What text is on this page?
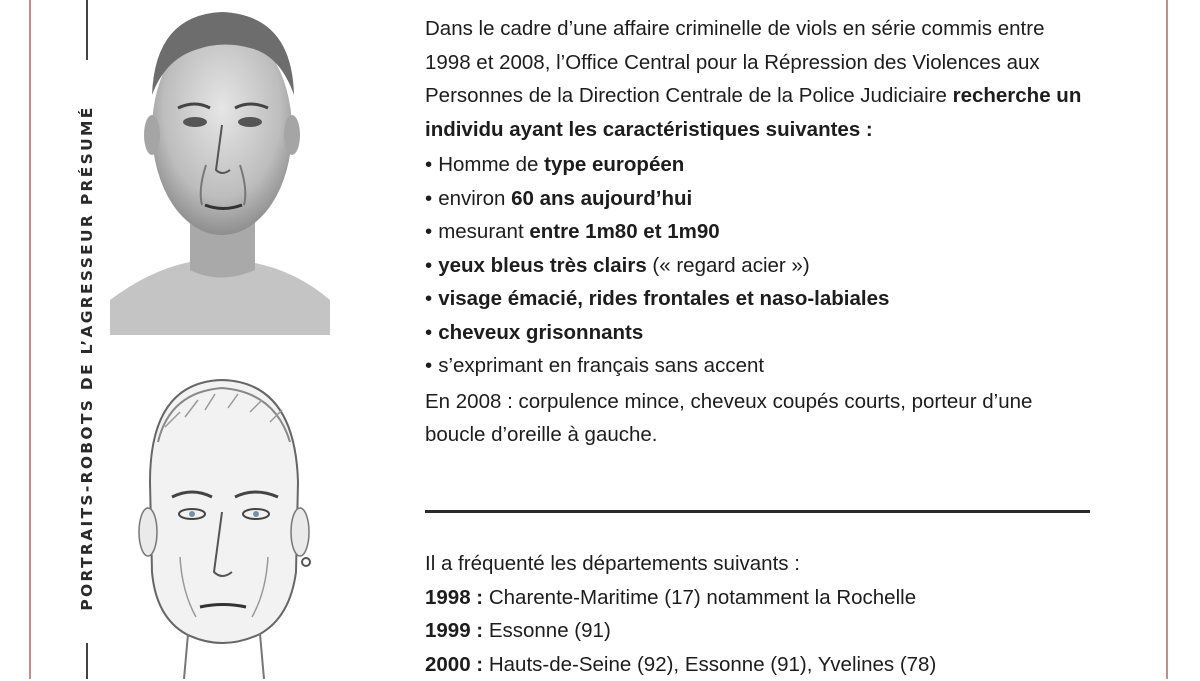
PORTRAITS-ROBOTS DE L’AGRESSEUR PRÉSUMÉ

Dans le cadre d’une affaire criminelle de viols en série commis entre 1998 et 2008, l’Office Central pour la Répression des Violences aux Personnes de la Direction Centrale de la Police Judiciaire recherche un individu ayant les caractéristiques suivantes :

• Homme de type européen
• environ 60 ans aujourd’hui
• mesurant entre 1m80 et 1m90
• yeux bleus très clairs (« regard acier »)
• visage émacié, rides frontales et naso-labiales
• cheveux grisonnants
• s’exprimant en français sans accent

En 2008 : corpulence mince, cheveux coupés courts, porteur d’une boucle d’oreille à gauche.

Il a fréquenté les départements suivants :

1998 : Charente-Maritime (17) notamment la Rochelle

1999 : Essonne (91)

2000 : Hauts-de-Seine (92), Essonne (91), Yvelines (78)
